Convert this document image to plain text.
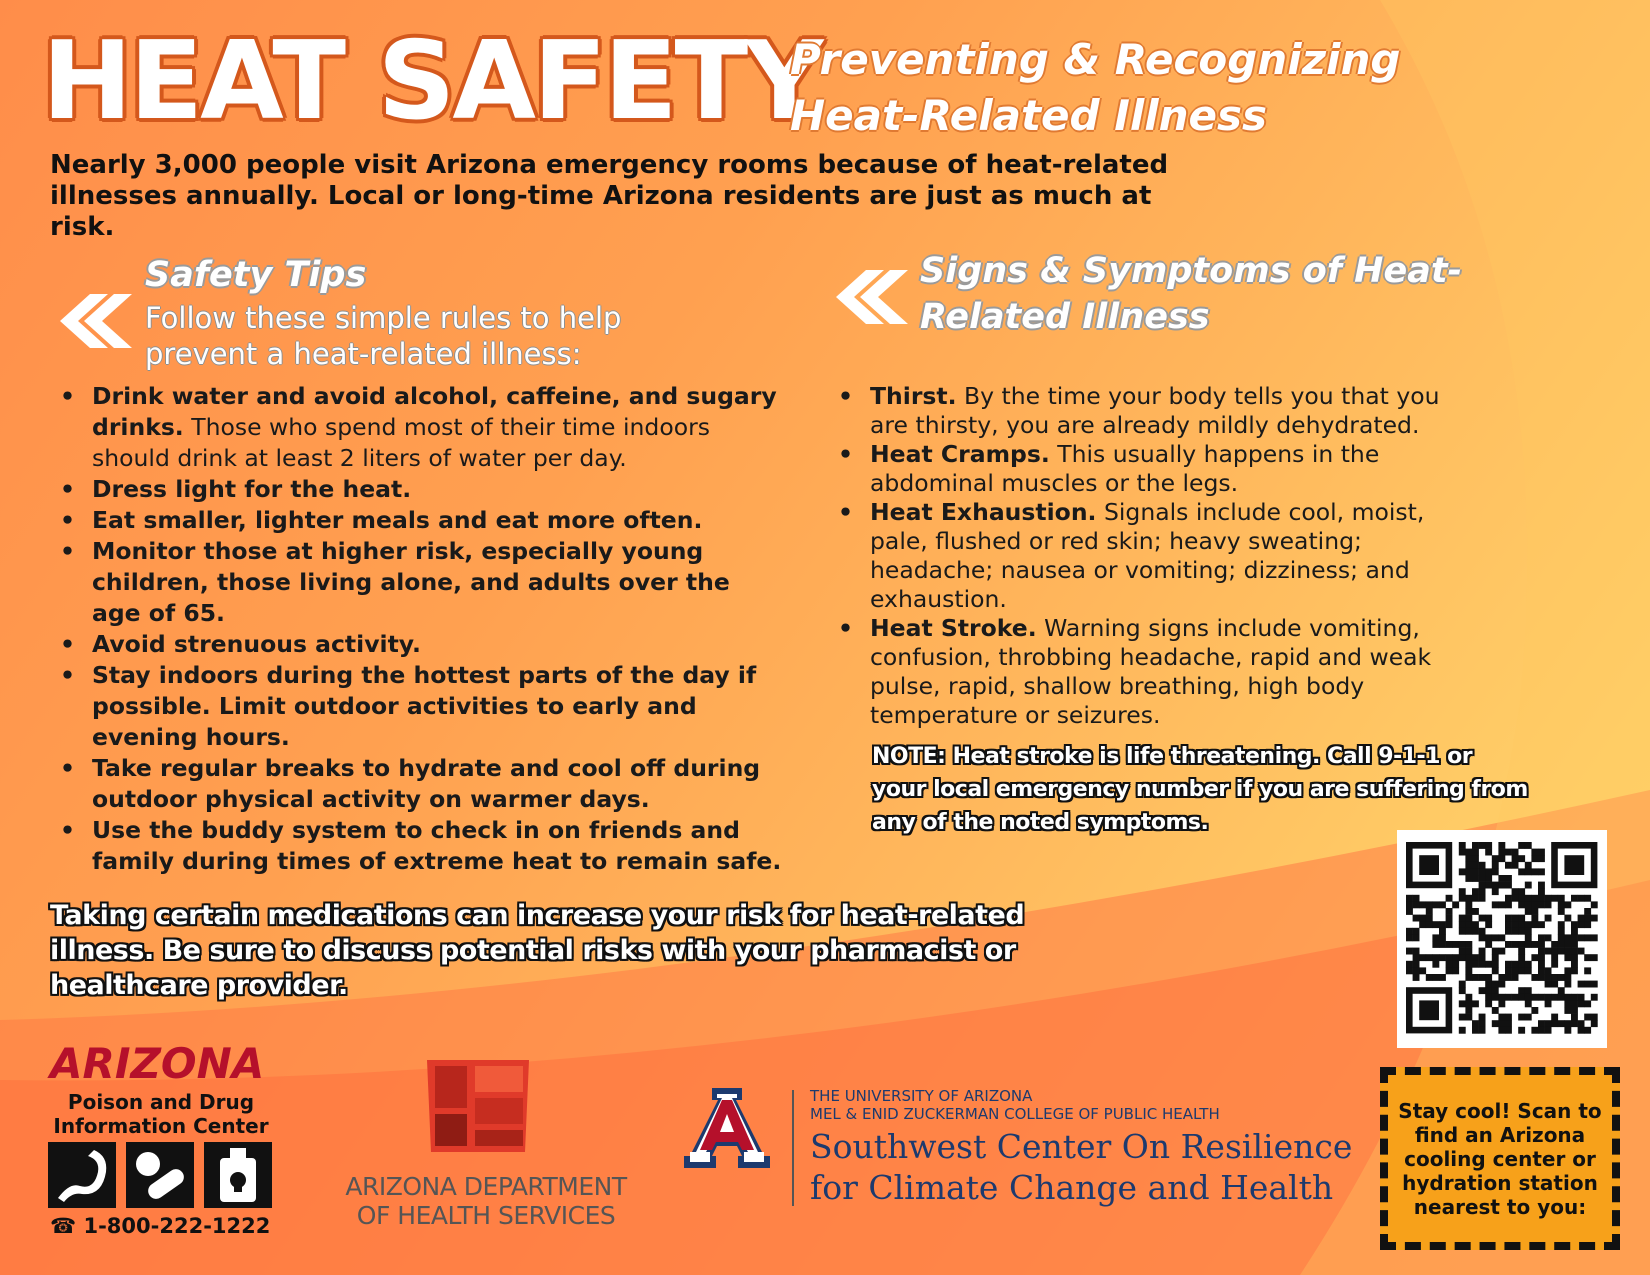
HEAT SAFETY
Preventing & Recognizing
Heat-Related Illness
Nearly 3,000 people visit Arizona emergency rooms because of heat-related illnesses annually. Local or long-time Arizona residents are just as much at risk.
Safety Tips
Follow these simple rules to help prevent a heat-related illness:
Signs & Symptoms of Heat-Related Illness
• Drink water and avoid alcohol, caffeine, and sugary drinks. Those who spend most of their time indoors should drink at least 2 liters of water per day.
• Dress light for the heat.
• Eat smaller, lighter meals and eat more often.
• Monitor those at higher risk, especially young children, those living alone, and adults over the age of 65.
• Avoid strenuous activity.
• Stay indoors during the hottest parts of the day if possible. Limit outdoor activities to early and evening hours.
• Take regular breaks to hydrate and cool off during outdoor physical activity on warmer days.
• Use the buddy system to check in on friends and family during times of extreme heat to remain safe.
• Thirst. By the time your body tells you that you are thirsty, you are already mildly dehydrated.
• Heat Cramps. This usually happens in the abdominal muscles or the legs.
• Heat Exhaustion. Signals include cool, moist, pale, flushed or red skin; heavy sweating; headache; nausea or vomiting; dizziness; and exhaustion.
• Heat Stroke. Warning signs include vomiting, confusion, throbbing headache, rapid and weak pulse, rapid, shallow breathing, high body temperature or seizures.
NOTE: Heat stroke is life threatening. Call 9-1-1 or your local emergency number if you are suffering from any of the noted symptoms.
Taking certain medications can increase your risk for heat-related illness. Be sure to discuss potential risks with your pharmacist or healthcare provider.
Stay cool! Scan to find an Arizona cooling center or hydration station nearest to you:
ARIZONA
Poison and Drug Information Center
☎ 1-800-222-1222
ARIZONA DEPARTMENT
OF HEALTH SERVICES
THE UNIVERSITY OF ARIZONA
MEL & ENID ZUCKERMAN COLLEGE OF PUBLIC HEALTH
Southwest Center On Resilience
for Climate Change and Health
